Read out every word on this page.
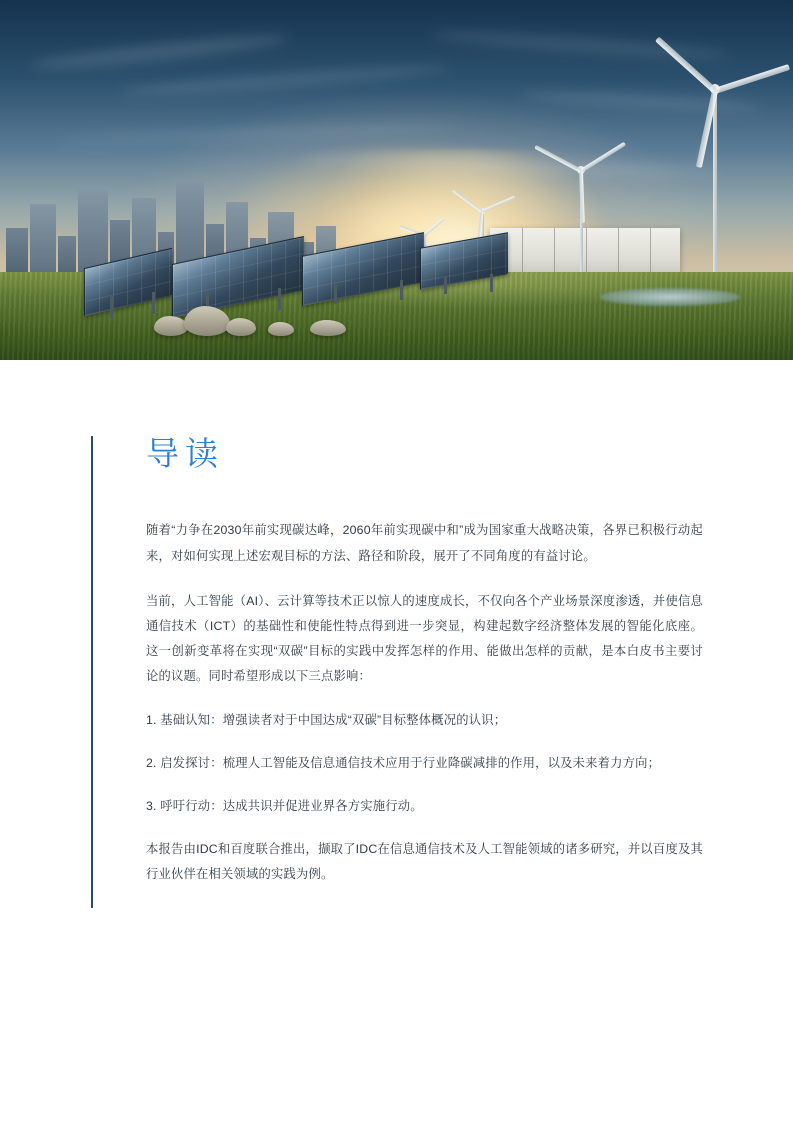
导读

随着“力争在2030年前实现碳达峰，2060年前实现碳中和”成为国家重大战略决策，各界已积极行动起来，对如何实现上述宏观目标的方法、路径和阶段，展开了不同角度的有益讨论。

当前，人工智能（AI）、云计算等技术正以惊人的速度成长，不仅向各个产业场景深度渗透，并使信息通信技术（ICT）的基础性和使能性特点得到进一步突显，构建起数字经济整体发展的智能化底座。这一创新变革将在实现“双碳”目标的实践中发挥怎样的作用、能做出怎样的贡献，是本白皮书主要讨论的议题。同时希望形成以下三点影响：

1. 基础认知：增强读者对于中国达成“双碳”目标整体概况的认识；

2. 启发探讨：梳理人工智能及信息通信技术应用于行业降碳减排的作用，以及未来着力方向；

3. 呼吁行动：达成共识并促进业界各方实施行动。

本报告由IDC和百度联合推出，撷取了IDC在信息通信技术及人工智能领域的诸多研究，并以百度及其行业伙伴在相关领域的实践为例。
